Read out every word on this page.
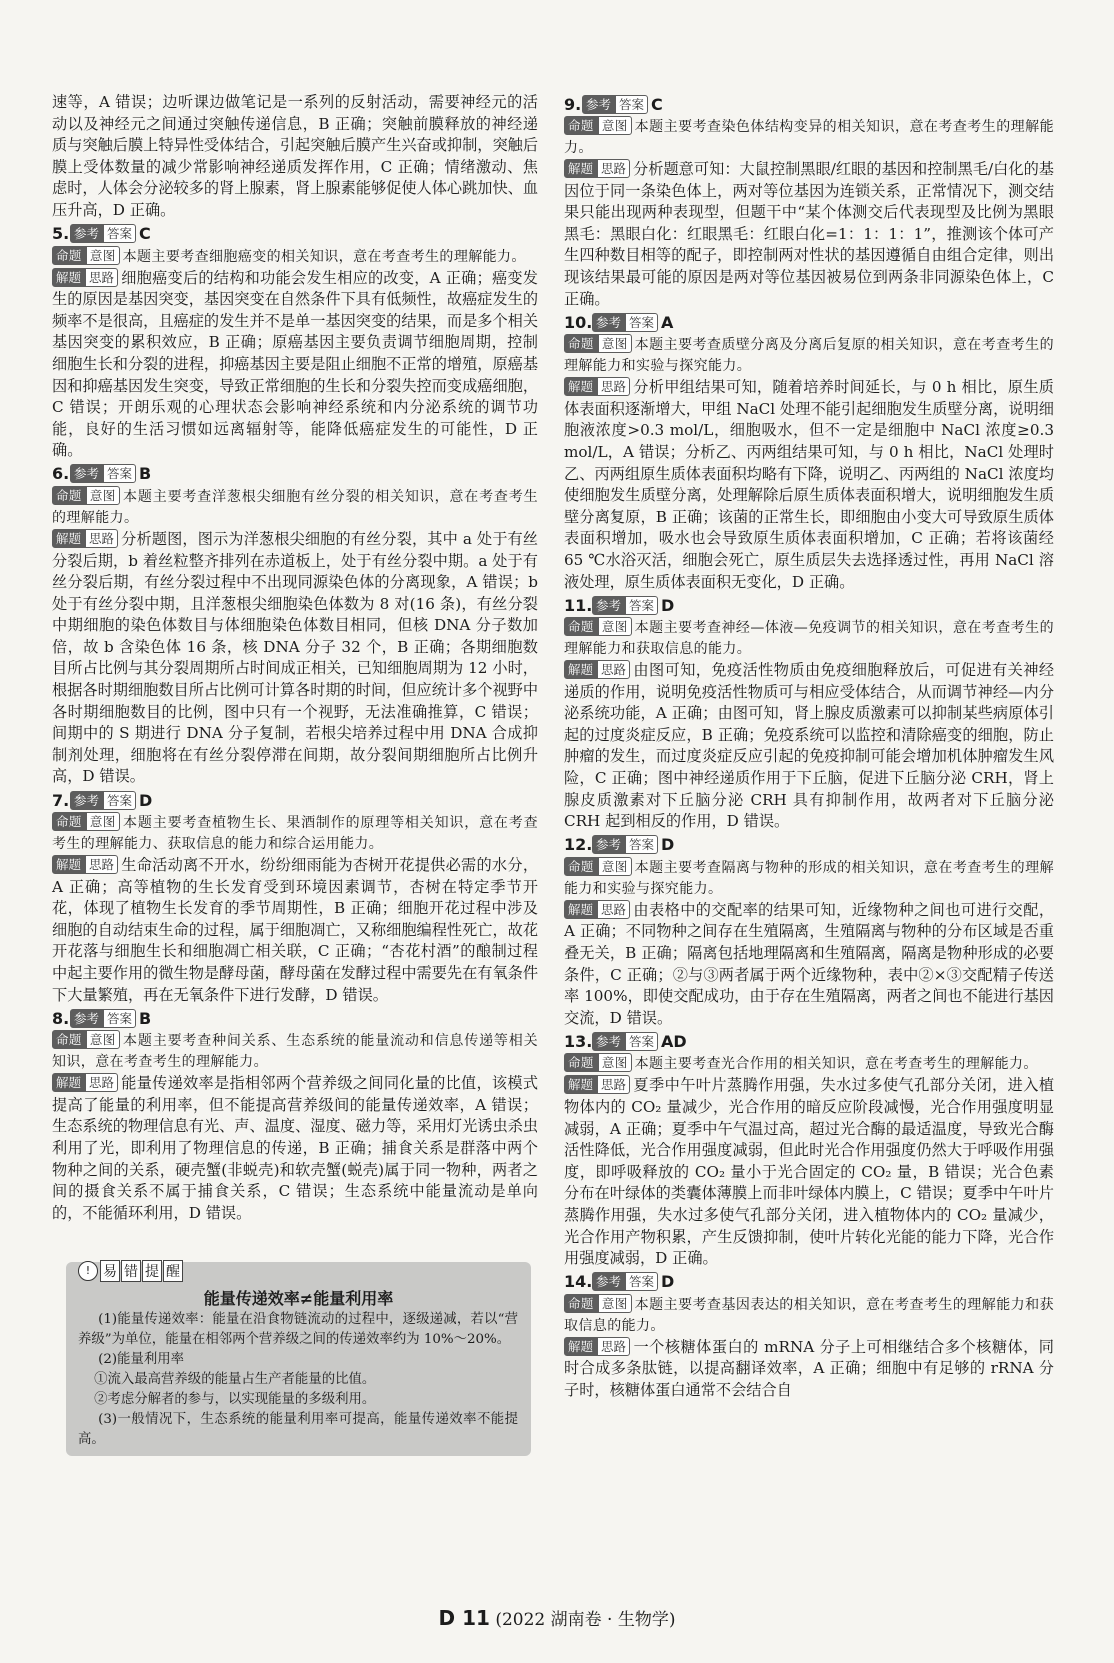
速等，A 错误；边听课边做笔记是一系列的反射活动，需要神经元的活动以及神经元之间通过突触传递信息，B 正确；突触前膜释放的神经递质与突触后膜上特异性受体结合，引起突触后膜产生兴奋或抑制，突触后膜上受体数量的减少常影响神经递质发挥作用，C 正确；情绪激动、焦虑时，人体会分泌较多的肾上腺素，肾上腺素能够促使人体心跳加快、血压升高，D 正确。

5. 参考 答案 C

命题 意图 本题主要考查细胞癌变的相关知识，意在考查考生的理解能力。

解题 思路 细胞癌变后的结构和功能会发生相应的改变，A 正确；癌变发生的原因是基因突变，基因突变在自然条件下具有低频性，故癌症发生的频率不是很高，且癌症的发生并不是单一基因突变的结果，而是多个相关基因突变的累积效应，B 正确；原癌基因主要负责调节细胞周期，控制细胞生长和分裂的进程，抑癌基因主要是阻止细胞不正常的增殖，原癌基因和抑癌基因发生突变，导致正常细胞的生长和分裂失控而变成癌细胞，C 错误；开朗乐观的心理状态会影响神经系统和内分泌系统的调节功能，良好的生活习惯如远离辐射等，能降低癌症发生的可能性，D 正确。

6. 参考 答案 B

命题 意图 本题主要考查洋葱根尖细胞有丝分裂的相关知识，意在考查考生的理解能力。

解题 思路 分析题图，图示为洋葱根尖细胞的有丝分裂，其中 a 处于有丝分裂后期，b 着丝粒整齐排列在赤道板上，处于有丝分裂中期。a 处于有丝分裂后期，有丝分裂过程中不出现同源染色体的分离现象，A 错误；b 处于有丝分裂中期，且洋葱根尖细胞染色体数为 8 对(16 条)，有丝分裂中期细胞的染色体数目与体细胞染色体数目相同，但核 DNA 分子数加倍，故 b 含染色体 16 条，核 DNA 分子 32 个，B 正确；各期细胞数目所占比例与其分裂周期所占时间成正相关，已知细胞周期为 12 小时，根据各时期细胞数目所占比例可计算各时期的时间，但应统计多个视野中各时期细胞数目的比例，图中只有一个视野，无法准确推算，C 错误；间期中的 S 期进行 DNA 分子复制，若根尖培养过程中用 DNA 合成抑制剂处理，细胞将在有丝分裂停滞在间期，故分裂间期细胞所占比例升高，D 错误。

7. 参考 答案 D

命题 意图 本题主要考查植物生长、果酒制作的原理等相关知识，意在考查考生的理解能力、获取信息的能力和综合运用能力。

解题 思路 生命活动离不开水，纷纷细雨能为杏树开花提供必需的水分，A 正确；高等植物的生长发育受到环境因素调节，杏树在特定季节开花，体现了植物生长发育的季节周期性，B 正确；细胞开花过程中涉及细胞的自动结束生命的过程，属于细胞凋亡，又称细胞编程性死亡，故花开花落与细胞生长和细胞凋亡相关联，C 正确；“杏花村酒”的酿制过程中起主要作用的微生物是酵母菌，酵母菌在发酵过程中需要先在有氧条件下大量繁殖，再在无氧条件下进行发酵，D 错误。

8. 参考 答案 B

命题 意图 本题主要考查种间关系、生态系统的能量流动和信息传递等相关知识，意在考查考生的理解能力。

解题 思路 能量传递效率是指相邻两个营养级之间同化量的比值，该模式提高了能量的利用率，但不能提高营养级间的能量传递效率，A 错误；生态系统的物理信息有光、声、温度、湿度、磁力等，采用灯光诱虫杀虫利用了光，即利用了物理信息的传递，B 正确；捕食关系是群落中两个物种之间的关系，硬壳蟹(非蜕壳)和软壳蟹(蜕壳)属于同一物种，两者之间的摄食关系不属于捕食关系，C 错误；生态系统中能量流动是单向的，不能循环利用，D 错误。

! 易 错 提 醒
能量传递效率≠能量利用率

(1)能量传递效率：能量在沿食物链流动的过程中，逐级递减，若以“营养级”为单位，能量在相邻两个营养级之间的传递效率约为 10%～20%。

(2)能量利用率

①流入最高营养级的能量占生产者能量的比值。

②考虑分解者的参与，以实现能量的多级利用。

(3)一般情况下，生态系统的能量利用率可提高，能量传递效率不能提高。

9. 参考 答案 C

命题 意图 本题主要考查染色体结构变异的相关知识，意在考查考生的理解能力。

解题 思路 分析题意可知：大鼠控制黑眼/红眼的基因和控制黑毛/白化的基因位于同一条染色体上，两对等位基因为连锁关系，正常情况下，测交结果只能出现两种表现型，但题干中“某个体测交后代表现型及比例为黑眼黑毛：黑眼白化：红眼黑毛：红眼白化=1：1：1：1”，推测该个体可产生四种数目相等的配子，即控制两对性状的基因遵循自由组合定律，则出现该结果最可能的原因是两对等位基因被易位到两条非同源染色体上，C 正确。

10. 参考 答案 A

命题 意图 本题主要考查质壁分离及分离后复原的相关知识，意在考查考生的理解能力和实验与探究能力。

解题 思路 分析甲组结果可知，随着培养时间延长，与 0 h 相比，原生质体表面积逐渐增大，甲组 NaCl 处理不能引起细胞发生质壁分离，说明细胞液浓度>0.3 mol/L，细胞吸水，但不一定是细胞中 NaCl 浓度≥0.3 mol/L，A 错误；分析乙、丙两组结果可知，与 0 h 相比，NaCl 处理时乙、丙两组原生质体表面积均略有下降，说明乙、丙两组的 NaCl 浓度均使细胞发生质壁分离，处理解除后原生质体表面积增大，说明细胞发生质壁分离复原，B 正确；该菌的正常生长，即细胞由小变大可导致原生质体表面积增加，吸水也会导致原生质体表面积增加，C 正确；若将该菌经 65 ℃水浴灭活，细胞会死亡，原生质层失去选择透过性，再用 NaCl 溶液处理，原生质体表面积无变化，D 正确。

11. 参考 答案 D

命题 意图 本题主要考查神经—体液—免疫调节的相关知识，意在考查考生的理解能力和获取信息的能力。

解题 思路 由图可知，免疫活性物质由免疫细胞释放后，可促进有关神经递质的作用，说明免疫活性物质可与相应受体结合，从而调节神经—内分泌系统功能，A 正确；由图可知，肾上腺皮质激素可以抑制某些病原体引起的过度炎症反应，B 正确；免疫系统可以监控和清除癌变的细胞，防止肿瘤的发生，而过度炎症反应引起的免疫抑制可能会增加机体肿瘤发生风险，C 正确；图中神经递质作用于下丘脑，促进下丘脑分泌 CRH，肾上腺皮质激素对下丘脑分泌 CRH 具有抑制作用，故两者对下丘脑分泌 CRH 起到相反的作用，D 错误。

12. 参考 答案 D

命题 意图 本题主要考查隔离与物种的形成的相关知识，意在考查考生的理解能力和实验与探究能力。

解题 思路 由表格中的交配率的结果可知，近缘物种之间也可进行交配，A 正确；不同物种之间存在生殖隔离，生殖隔离与物种的分布区域是否重叠无关，B 正确；隔离包括地理隔离和生殖隔离，隔离是物种形成的必要条件，C 正确；②与③两者属于两个近缘物种，表中②×③交配精子传送率 100%，即使交配成功，由于存在生殖隔离，两者之间也不能进行基因交流，D 错误。

13. 参考 答案 AD

命题 意图 本题主要考查光合作用的相关知识，意在考查考生的理解能力。

解题 思路 夏季中午叶片蒸腾作用强，失水过多使气孔部分关闭，进入植物体内的 CO₂ 量减少，光合作用的暗反应阶段减慢，光合作用强度明显减弱，A 正确；夏季中午气温过高，超过光合酶的最适温度，导致光合酶活性降低，光合作用强度减弱，但此时光合作用强度仍然大于呼吸作用强度，即呼吸释放的 CO₂ 量小于光合固定的 CO₂ 量，B 错误；光合色素分布在叶绿体的类囊体薄膜上而非叶绿体内膜上，C 错误；夏季中午叶片蒸腾作用强，失水过多使气孔部分关闭，进入植物体内的 CO₂ 量减少，光合作用产物积累，产生反馈抑制，使叶片转化光能的能力下降，光合作用强度减弱，D 正确。

14. 参考 答案 D

命题 意图 本题主要考查基因表达的相关知识，意在考查考生的理解能力和获取信息的能力。

解题 思路 一个核糖体蛋白的 mRNA 分子上可相继结合多个核糖体，同时合成多条肽链，以提高翻译效率，A 正确；细胞中有足够的 rRNA 分子时，核糖体蛋白通常不会结合自

D 11 (2022 湖南卷 · 生物学)
